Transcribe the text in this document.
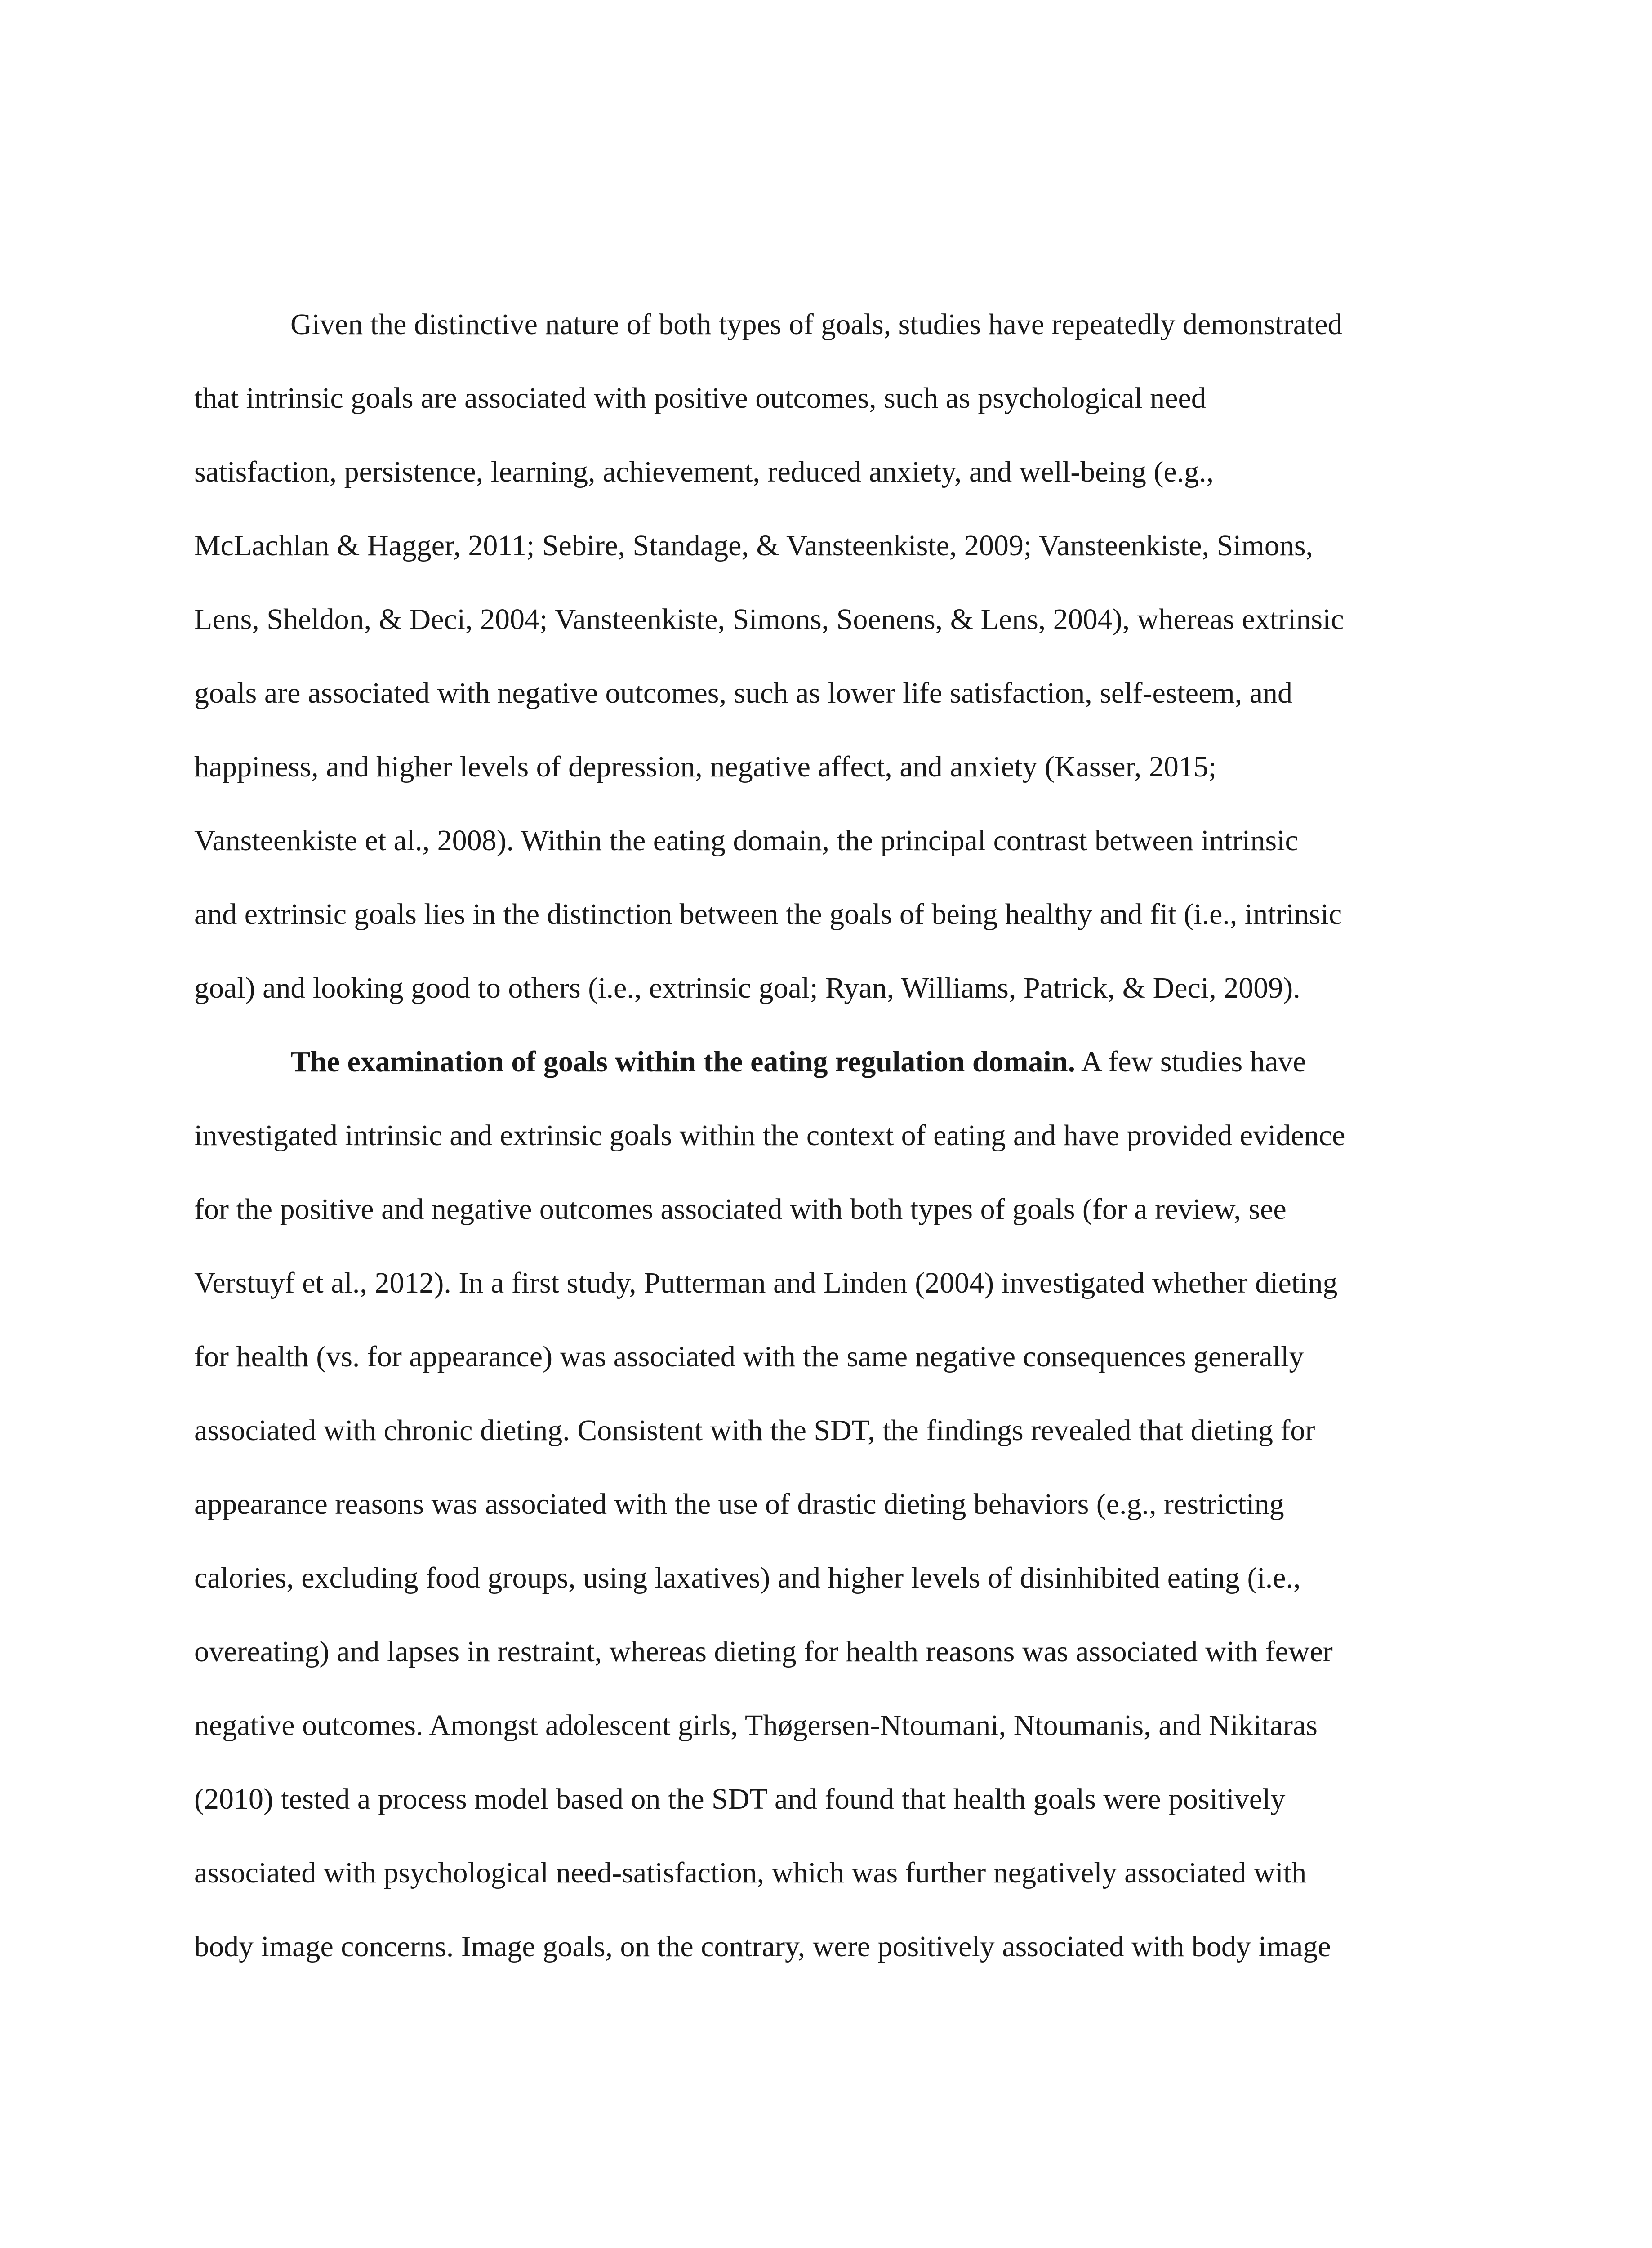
Given the distinctive nature of both types of goals, studies have repeatedly demonstrated
that intrinsic goals are associated with positive outcomes, such as psychological need
satisfaction, persistence, learning, achievement, reduced anxiety, and well-being (e.g.,
McLachlan & Hagger, 2011; Sebire, Standage, & Vansteenkiste, 2009; Vansteenkiste, Simons,
Lens, Sheldon, & Deci, 2004; Vansteenkiste, Simons, Soenens, & Lens, 2004), whereas extrinsic
goals are associated with negative outcomes, such as lower life satisfaction, self-esteem, and
happiness, and higher levels of depression, negative affect, and anxiety (Kasser, 2015;
Vansteenkiste et al., 2008). Within the eating domain, the principal contrast between intrinsic
and extrinsic goals lies in the distinction between the goals of being healthy and fit (i.e., intrinsic
goal) and looking good to others (i.e., extrinsic goal; Ryan, Williams, Patrick, & Deci, 2009).
The examination of goals within the eating regulation domain. A few studies have
investigated intrinsic and extrinsic goals within the context of eating and have provided evidence
for the positive and negative outcomes associated with both types of goals (for a review, see
Verstuyf et al., 2012). In a first study, Putterman and Linden (2004) investigated whether dieting
for health (vs. for appearance) was associated with the same negative consequences generally
associated with chronic dieting. Consistent with the SDT, the findings revealed that dieting for
appearance reasons was associated with the use of drastic dieting behaviors (e.g., restricting
calories, excluding food groups, using laxatives) and higher levels of disinhibited eating (i.e.,
overeating) and lapses in restraint, whereas dieting for health reasons was associated with fewer
negative outcomes. Amongst adolescent girls, Thøgersen-Ntoumani, Ntoumanis, and Nikitaras
(2010) tested a process model based on the SDT and found that health goals were positively
associated with psychological need-satisfaction, which was further negatively associated with
body image concerns. Image goals, on the contrary, were positively associated with body image
